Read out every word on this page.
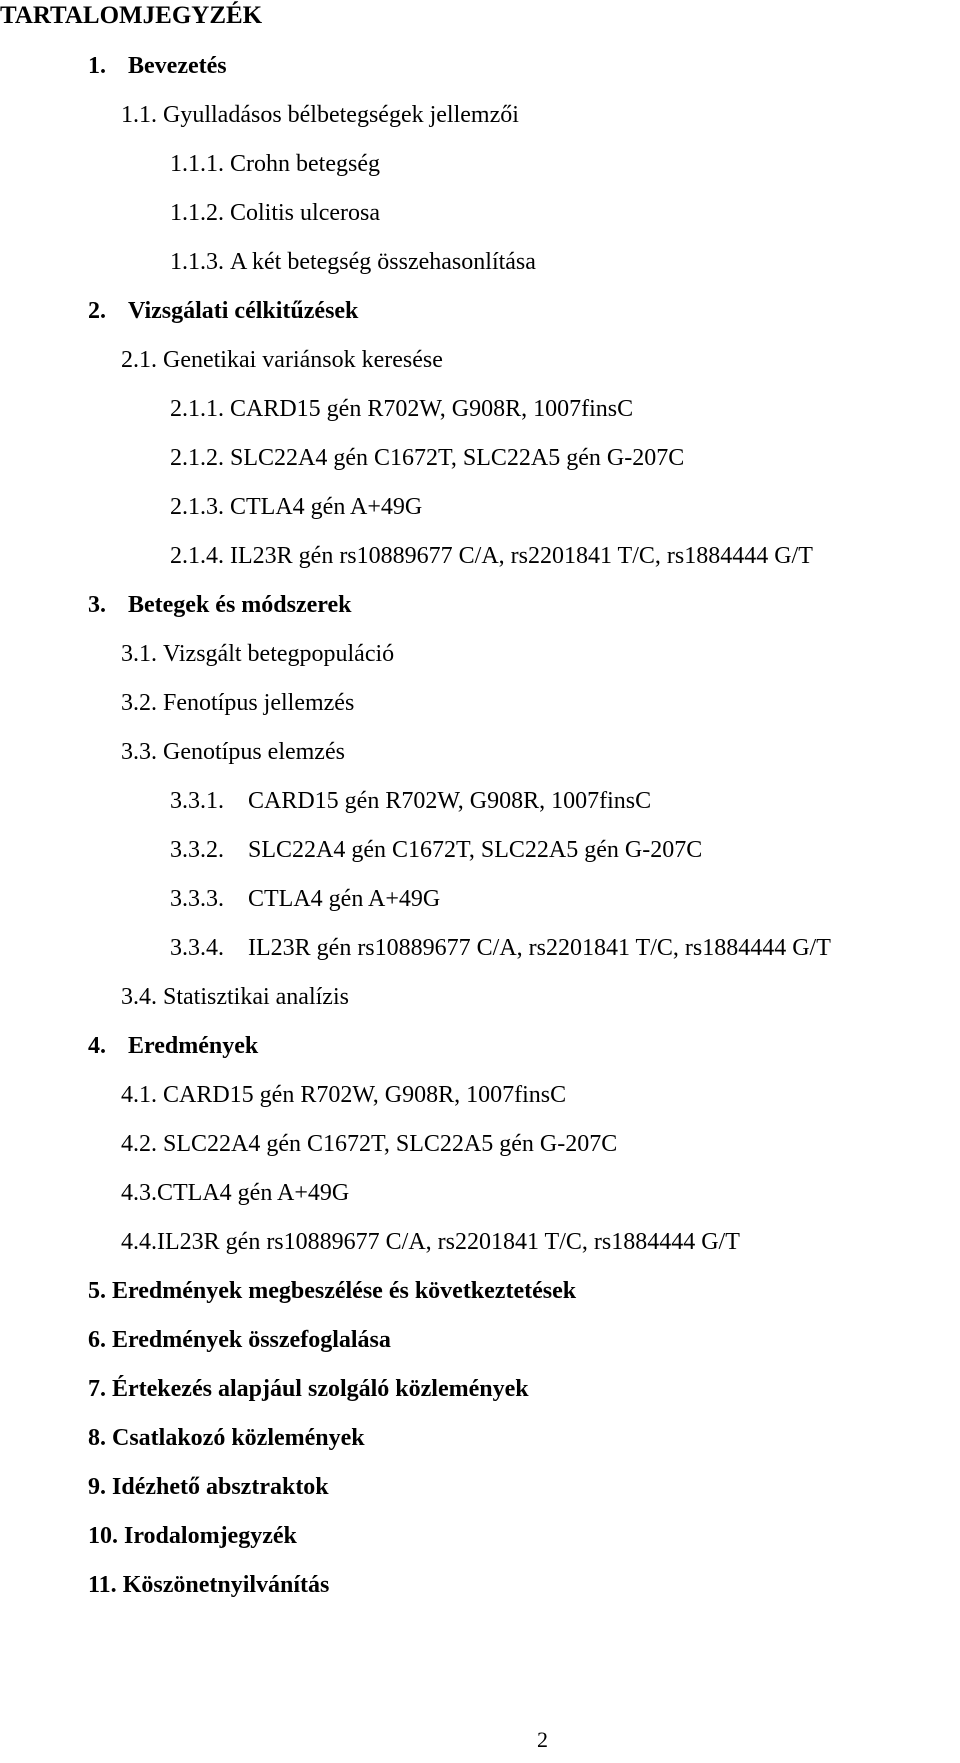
TARTALOMJEGYZÉK
1. Bevezetés
1.1. Gyulladásos bélbetegségek jellemzői
1.1.1. Crohn betegség
1.1.2. Colitis ulcerosa
1.1.3. A két betegség összehasonlítása
2. Vizsgálati célkitűzések
2.1. Genetikai variánsok keresése
2.1.1. CARD15 gén R702W, G908R, 1007finsC
2.1.2. SLC22A4 gén C1672T, SLC22A5 gén G-207C
2.1.3. CTLA4 gén A+49G
2.1.4. IL23R gén rs10889677 C/A, rs2201841 T/C, rs1884444 G/T
3. Betegek és módszerek
3.1. Vizsgált betegpopuláció
3.2. Fenotípus jellemzés
3.3. Genotípus elemzés
3.3.1. CARD15 gén R702W, G908R, 1007finsC
3.3.2. SLC22A4 gén C1672T, SLC22A5 gén G-207C
3.3.3. CTLA4 gén A+49G
3.3.4. IL23R gén rs10889677 C/A, rs2201841 T/C, rs1884444 G/T
3.4. Statisztikai analízis
4. Eredmények
4.1. CARD15 gén R702W, G908R, 1007finsC
4.2. SLC22A4 gén C1672T, SLC22A5 gén G-207C
4.3.CTLA4 gén A+49G
4.4.IL23R gén rs10889677 C/A, rs2201841 T/C, rs1884444 G/T
5. Eredmények megbeszélése és következtetések
6. Eredmények összefoglalása
7. Értekezés alapjául szolgáló közlemények
8. Csatlakozó közlemények
9. Idézhető absztraktok
10. Irodalomjegyzék
11. Köszönetnyilvánítás
2
